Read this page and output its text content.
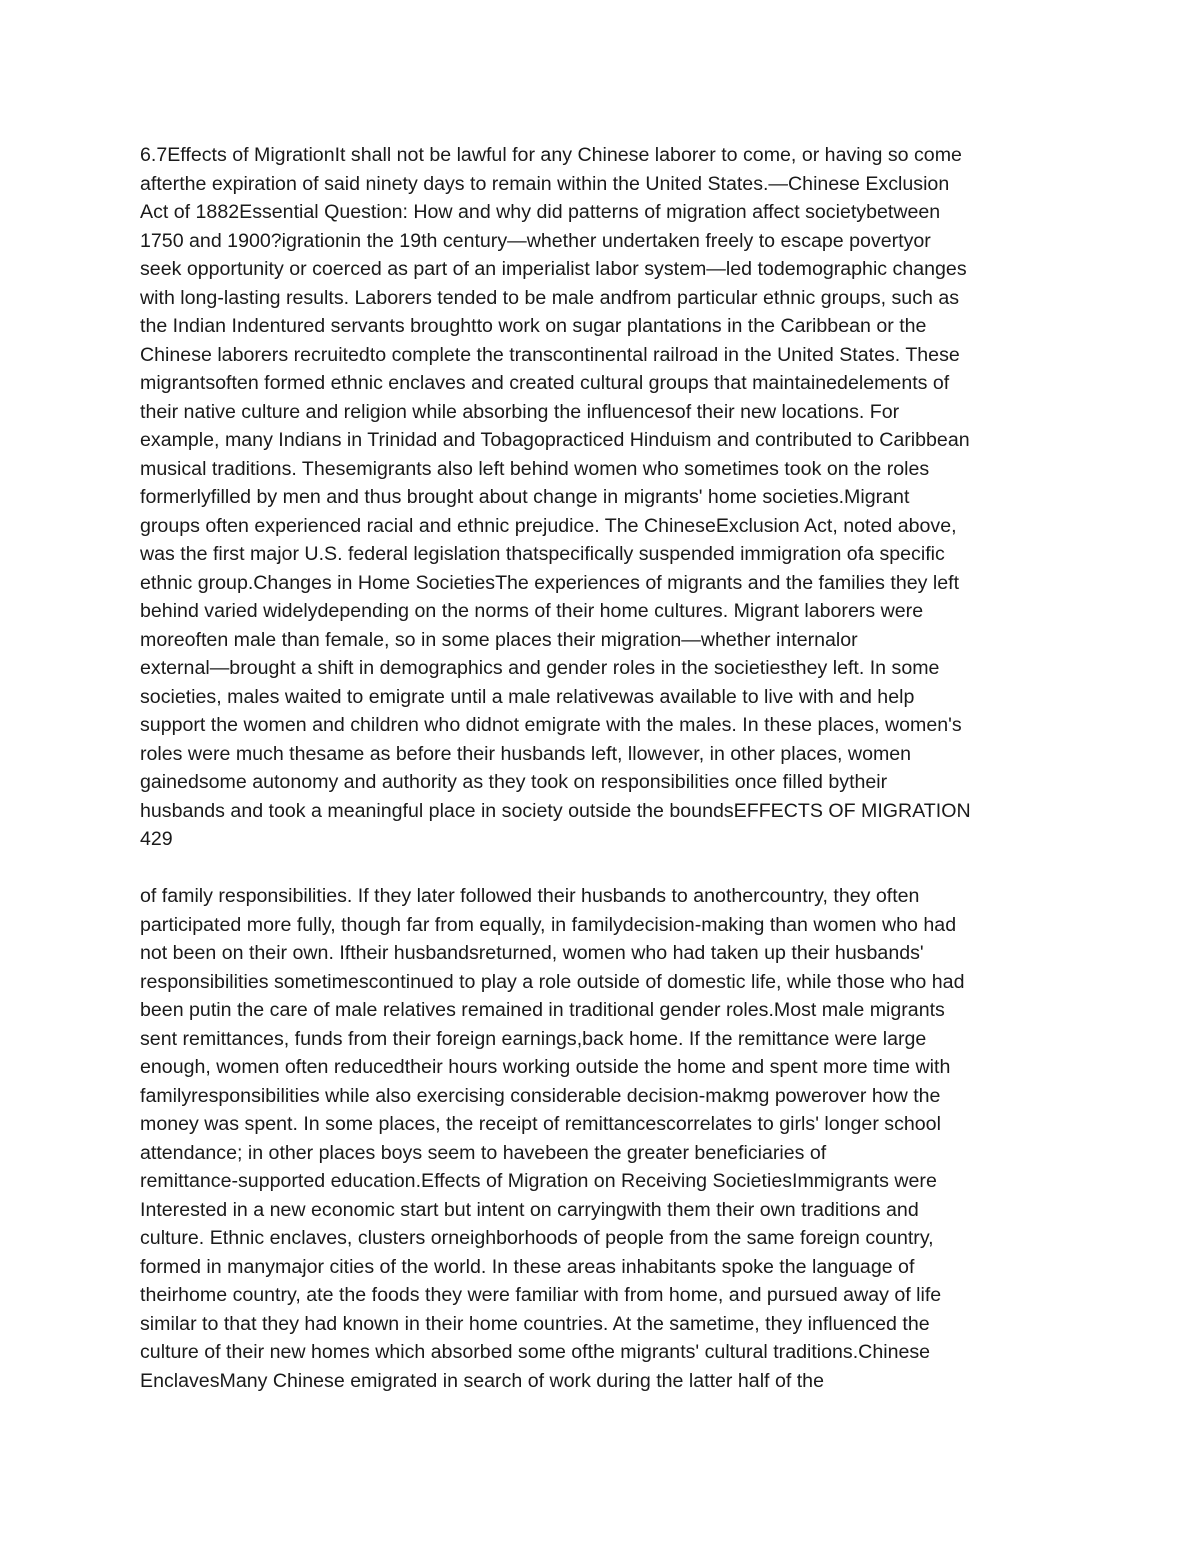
6.7Effects of MigrationIt shall not be lawful for any Chinese laborer to come, or having so come
afterthe expiration of said ninety days to remain within the United States.—Chinese Exclusion
Act of 1882Essential Question: How and why did patterns of migration affect societybetween
1750 and 1900?igrationin the 19th century—whether undertaken freely to escape povertyor
seek opportunity or coerced as part of an imperialist labor system—led todemographic changes
with long-lasting results. Laborers tended to be male andfrom particular ethnic groups, such as
the Indian Indentured servants broughtto work on sugar plantations in the Caribbean or the
Chinese laborers recruitedto complete the transcontinental railroad in the United States. These
migrantsoften formed ethnic enclaves and created cultural groups that maintainedelements of
their native culture and religion while absorbing the influencesof their new locations. For
example, many Indians in Trinidad and Tobagopracticed Hinduism and contributed to Caribbean
musical traditions. Thesemigrants also left behind women who sometimes took on the roles
formerlyfilled by men and thus brought about change in migrants' home societies.Migrant
groups often experienced racial and ethnic prejudice. The ChineseExclusion Act, noted above,
was the first major U.S. federal legislation thatspecifically suspended immigration ofa specific
ethnic group.Changes in Home SocietiesThe experiences of migrants and the families they left
behind varied widelydepending on the norms of their home cultures. Migrant laborers were
moreoften male than female, so in some places their migration—whether internalor
external—brought a shift in demographics and gender roles in the societiesthey left. In some
societies, males waited to emigrate until a male relativewas available to live with and help
support the women and children who didnot emigrate with the males. In these places, women's
roles were much thesame as before their husbands left, llowever, in other places, women
gainedsome autonomy and authority as they took on responsibilities once filled bytheir
husbands and took a meaningful place in society outside the boundsEFFECTS OF MIGRATION
429
of family responsibilities. If they later followed their husbands to anothercountry, they often
participated more fully, though far from equally, in familydecision-making than women who had
not been on their own. Iftheir husbandsreturned, women who had taken up their husbands'
responsibilities sometimescontinued to play a role outside of domestic life, while those who had
been putin the care of male relatives remained in traditional gender roles.Most male migrants
sent remittances, funds from their foreign earnings,back home. If the remittance were large
enough, women often reducedtheir hours working outside the home and spent more time with
familyresponsibilities while also exercising considerable decision-makmg powerover how the
money was spent. In some places, the receipt of remittancescorrelates to girls' longer school
attendance; in other places boys seem to havebeen the greater beneficiaries of
remittance-supported education.Effects of Migration on Receiving SocietiesImmigrants were
Interested in a new economic start but intent on carryingwith them their own traditions and
culture. Ethnic enclaves, clusters orneighborhoods of people from the same foreign country,
formed in manymajor cities of the world. In these areas inhabitants spoke the language of
theirhome country, ate the foods they were familiar with from home, and pursued away of life
similar to that they had known in their home countries. At the sametime, they influenced the
culture of their new homes which absorbed some ofthe migrants' cultural traditions.Chinese
EnclavesMany Chinese emigrated in search of work during the latter half of the
